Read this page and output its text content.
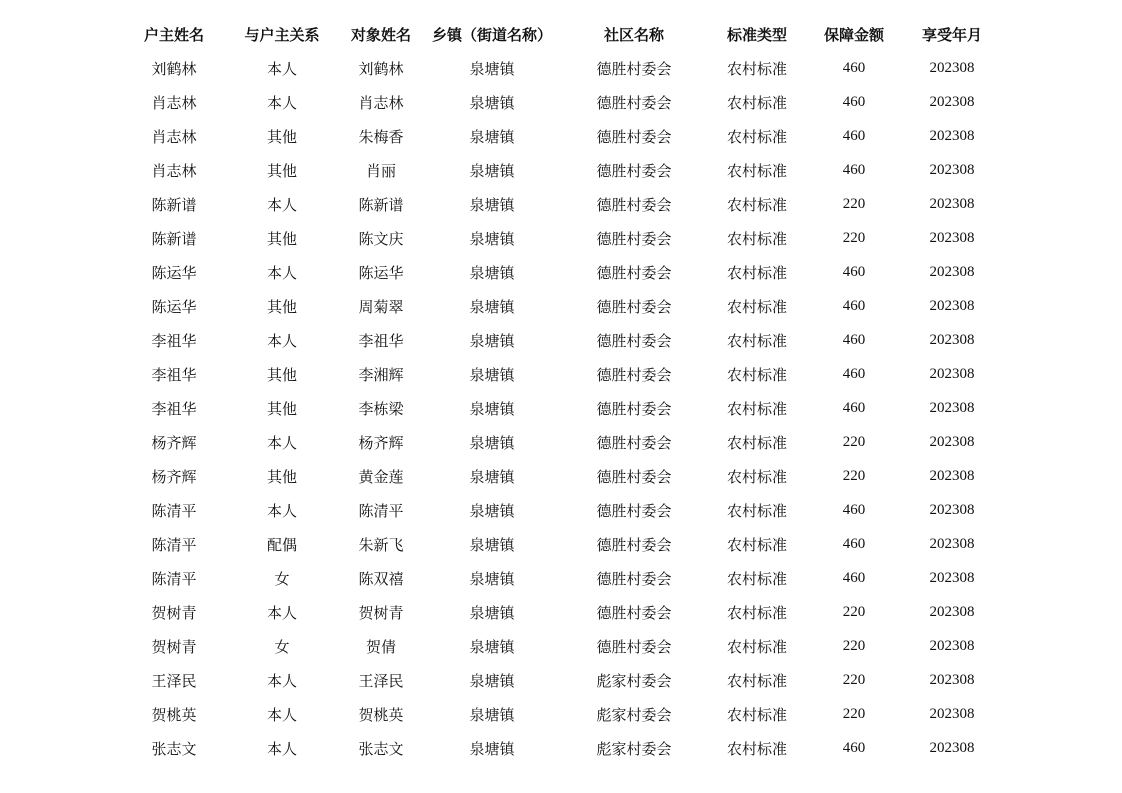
户主姓名	与户主关系	对象姓名	乡镇（街道名称）	社区名称	标准类型	保障金额	享受年月
刘鹤林	本人	刘鹤林	泉塘镇	德胜村委会	农村标准	460	202308
肖志林	本人	肖志林	泉塘镇	德胜村委会	农村标准	460	202308
肖志林	其他	朱梅香	泉塘镇	德胜村委会	农村标准	460	202308
肖志林	其他	肖丽	泉塘镇	德胜村委会	农村标准	460	202308
陈新谱	本人	陈新谱	泉塘镇	德胜村委会	农村标准	220	202308
陈新谱	其他	陈文庆	泉塘镇	德胜村委会	农村标准	220	202308
陈运华	本人	陈运华	泉塘镇	德胜村委会	农村标准	460	202308
陈运华	其他	周菊翠	泉塘镇	德胜村委会	农村标准	460	202308
李祖华	本人	李祖华	泉塘镇	德胜村委会	农村标准	460	202308
李祖华	其他	李湘辉	泉塘镇	德胜村委会	农村标准	460	202308
李祖华	其他	李栋梁	泉塘镇	德胜村委会	农村标准	460	202308
杨齐辉	本人	杨齐辉	泉塘镇	德胜村委会	农村标准	220	202308
杨齐辉	其他	黄金莲	泉塘镇	德胜村委会	农村标准	220	202308
陈清平	本人	陈清平	泉塘镇	德胜村委会	农村标准	460	202308
陈清平	配偶	朱新飞	泉塘镇	德胜村委会	农村标准	460	202308
陈清平	女	陈双禧	泉塘镇	德胜村委会	农村标准	460	202308
贺树青	本人	贺树青	泉塘镇	德胜村委会	农村标准	220	202308
贺树青	女	贺倩	泉塘镇	德胜村委会	农村标准	220	202308
王泽民	本人	王泽民	泉塘镇	彪家村委会	农村标准	220	202308
贺桃英	本人	贺桃英	泉塘镇	彪家村委会	农村标准	220	202308
张志文	本人	张志文	泉塘镇	彪家村委会	农村标准	460	202308
